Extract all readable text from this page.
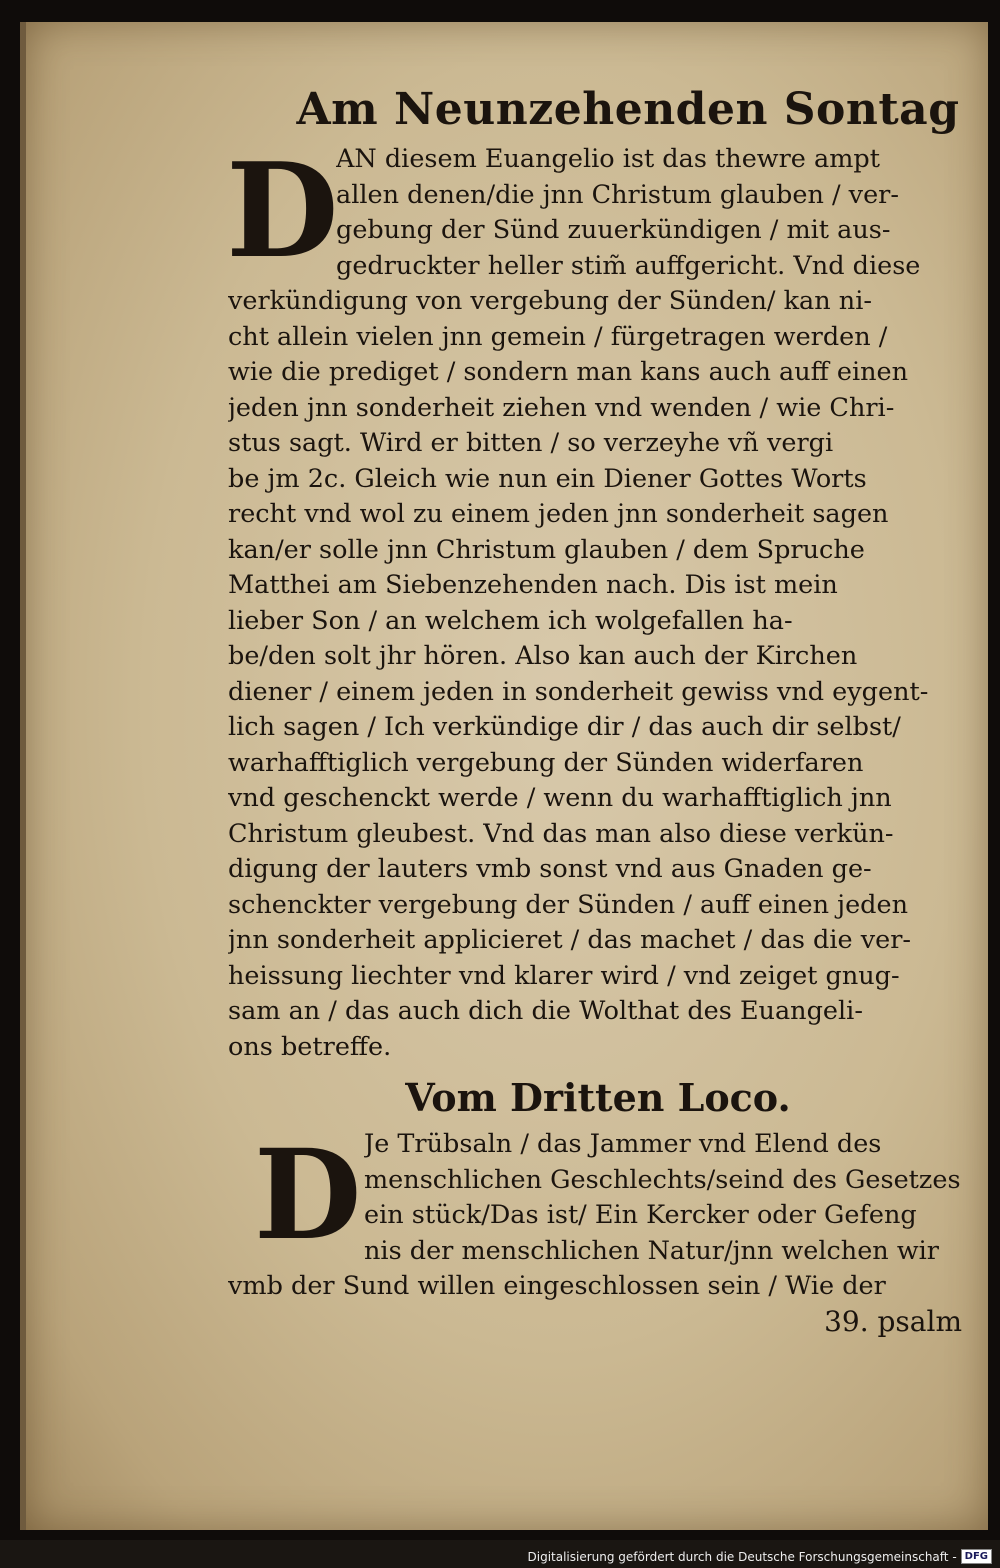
Am Neunzehenden Sontag
D
AN diesem Euangelio ist das thewre ampt
allen denen/die jnn Christum glauben / ver-
gebung der Sünd zuuerkündigen / mit aus-
gedruckter heller stim̃ auffgericht. Vnd diese
verkündigung von vergebung der Sünden/ kan ni-
cht allein vielen jnn gemein / fürgetragen werden /
wie die prediget / sondern man kans auch auff einen
jeden jnn sonderheit ziehen vnd wenden / wie Chri-
stus sagt. Wird er bitten / so verzeyhe vñ vergi
be jm 2c. Gleich wie nun ein Diener Gottes Worts
recht vnd wol zu einem jeden jnn sonderheit sagen
kan/er solle jnn Christum glauben / dem Spruche
Matthei am Siebenzehenden nach. Dis ist mein
lieber Son / an welchem ich wolgefallen ha-
be/den solt jhr hören. Also kan auch der Kirchen
diener / einem jeden in sonderheit gewiss vnd eygent-
lich sagen / Ich verkündige dir / das auch dir selbst/
warhafftiglich vergebung der Sünden widerfaren
vnd geschenckt werde / wenn du warhafftiglich jnn
Christum gleubest. Vnd das man also diese verkün-
digung der lauters vmb sonst vnd aus Gnaden ge-
schenckter vergebung der Sünden / auff einen jeden
jnn sonderheit applicieret / das machet / das die ver-
heissung liechter vnd klarer wird / vnd zeiget gnug-
sam an / das auch dich die Wolthat des Euangeli-
ons betreffe.
Vom Dritten Loco.
D Je Trübsaln / das Jammer vnd Elend des
menschlichen Geschlechts/seind des Gesetzes
ein stück/Das ist/ Ein Kercker oder Gefeng
nis der menschlichen Natur/jnn welchen wir
vmb der Sund willen eingeschlossen sein / Wie der
39. psalm
Digitalisierung gefördert durch die Deutsche Forschungsgemeinschaft - DFG
